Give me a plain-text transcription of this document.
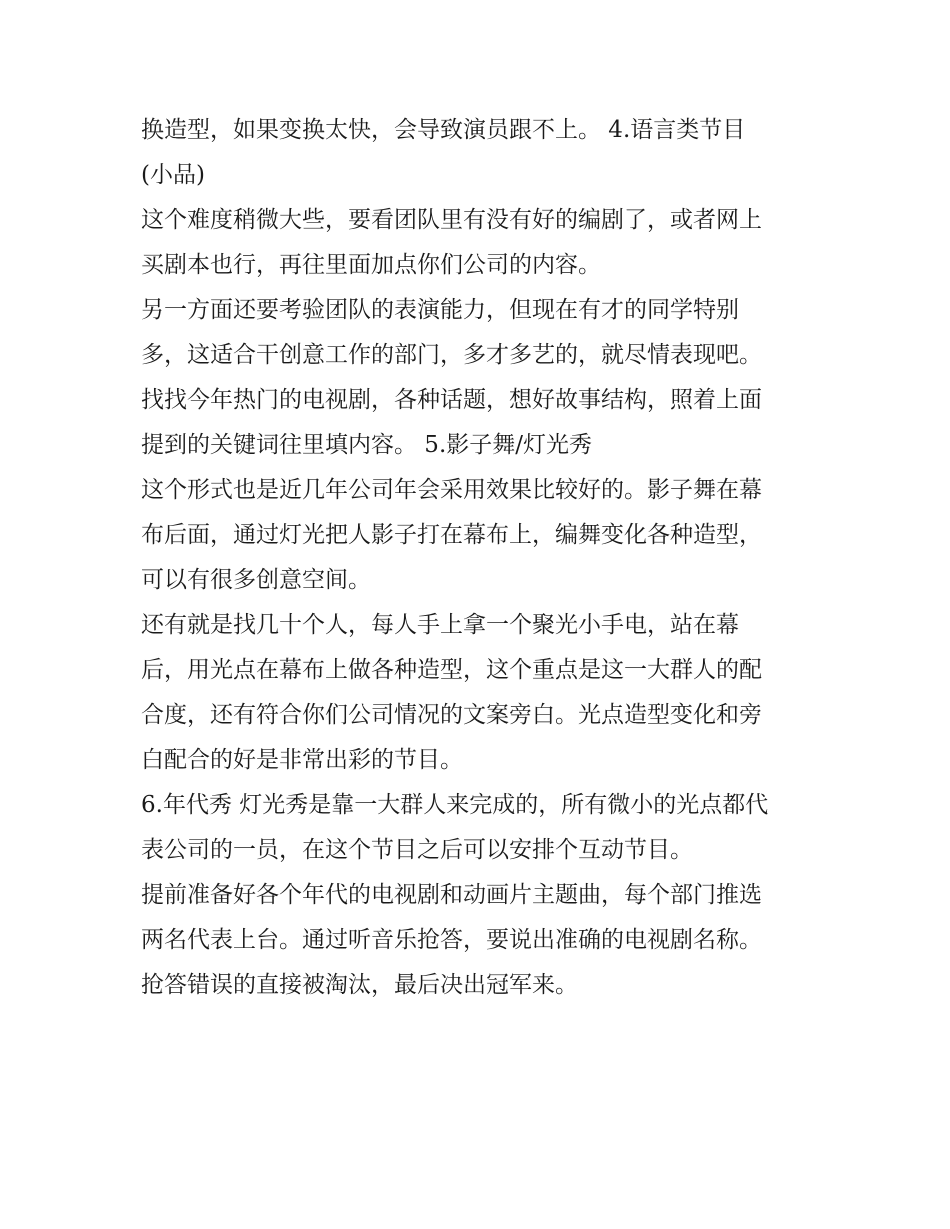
换造型，如果变换太快，会导致演员跟不上。 4.语言类节目
(小品)
这个难度稍微大些，要看团队里有没有好的编剧了，或者网上
买剧本也行，再往里面加点你们公司的内容。
另一方面还要考验团队的表演能力，但现在有才的同学特别
多，这适合干创意工作的部门，多才多艺的，就尽情表现吧。
找找今年热门的电视剧，各种话题，想好故事结构，照着上面
提到的关键词往里填内容。 5.影子舞/灯光秀
这个形式也是近几年公司年会采用效果比较好的。影子舞在幕
布后面，通过灯光把人影子打在幕布上，编舞变化各种造型，
可以有很多创意空间。
还有就是找几十个人，每人手上拿一个聚光小手电，站在幕
后，用光点在幕布上做各种造型，这个重点是这一大群人的配
合度，还有符合你们公司情况的文案旁白。光点造型变化和旁
白配合的好是非常出彩的节目。
6.年代秀 灯光秀是靠一大群人来完成的，所有微小的光点都代
表公司的一员，在这个节目之后可以安排个互动节目。
提前准备好各个年代的电视剧和动画片主题曲，每个部门推选
两名代表上台。通过听音乐抢答，要说出准确的电视剧名称。
抢答错误的直接被淘汰，最后决出冠军来。
